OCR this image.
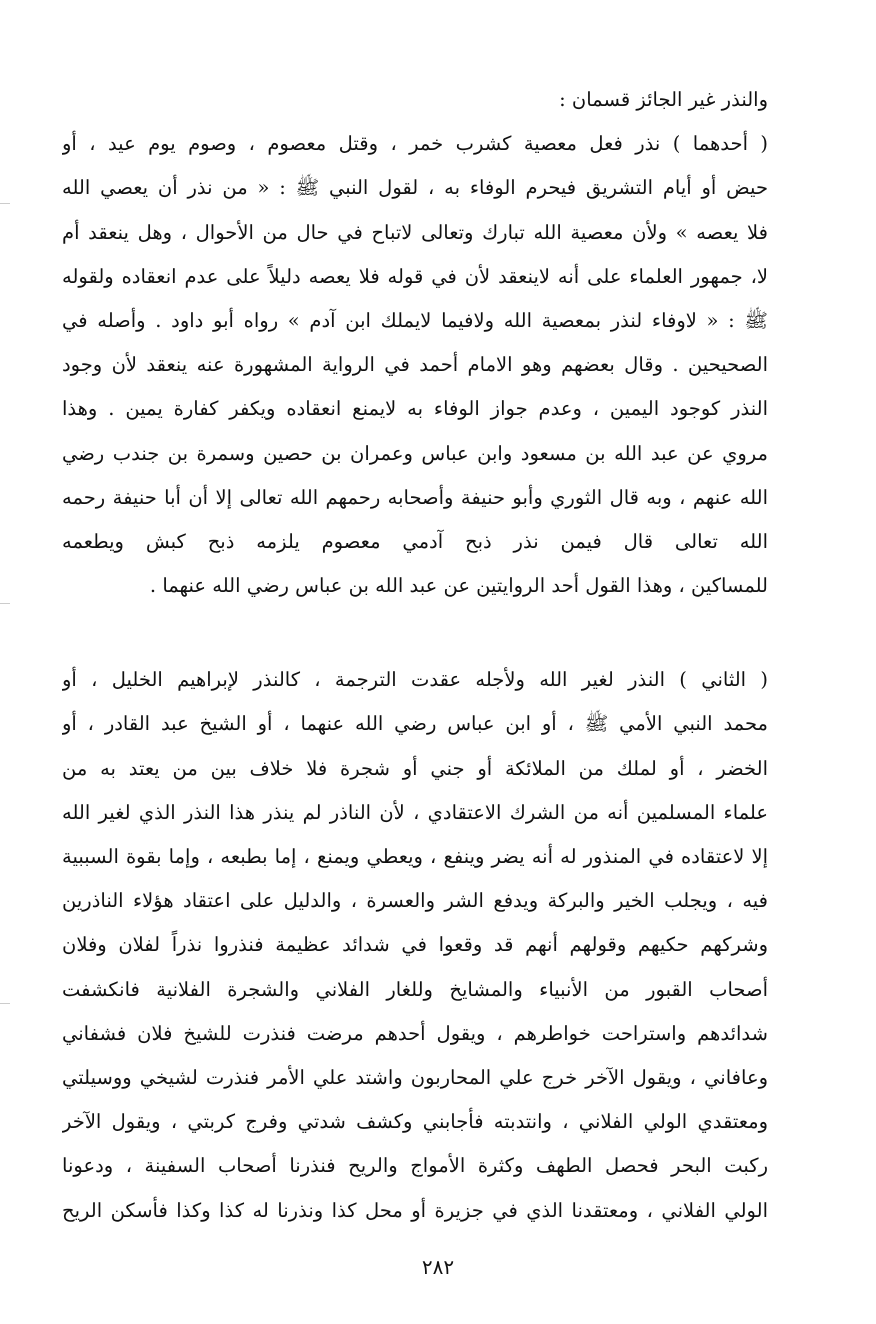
والنذر غير الجائز قسمان :
( أحدهما ) نذر فعل معصية كشرب خمر ، وقتل معصوم ، وصوم يوم عيد ، أو
حيض أو أيام التشريق فيحرم الوفاء به ، لقول النبي ﷺ : « من نذر أن يعصي الله
فلا يعصه » ولأن معصية الله تبارك وتعالى لاتباح في حال من الأحوال ، وهل ينعقد أم
لا، جمهور العلماء على أنه لاينعقد لأن في قوله فلا يعصه دليلاً على عدم انعقاده ولقوله
ﷺ : « لاوفاء لنذر بمعصية الله ولافيما لايملك ابن آدم » رواه أبو داود . وأصله في
الصحيحين . وقال بعضهم وهو الامام أحمد في الرواية المشهورة عنه ينعقد لأن وجود
النذر كوجود اليمين ، وعدم جواز الوفاء به لايمنع انعقاده ويكفر كفارة يمين . وهذا
مروي عن عبد الله بن مسعود وابن عباس وعمران بن حصين وسمرة بن جندب رضي
الله عنهم ، وبه قال الثوري وأبو حنيفة وأصحابه رحمهم الله تعالى إلا أن أبا حنيفة رحمه
الله تعالى قال فيمن نذر ذبح آدمي معصوم يلزمه ذبح كبش ويطعمه
للمساكين ، وهذا القول أحد الروايتين عن عبد الله بن عباس رضي الله عنهما .
( الثاني ) النذر لغير الله ولأجله عقدت الترجمة ، كالنذر لإبراهيم الخليل ، أو
محمد النبي الأمي ﷺ ، أو ابن عباس رضي الله عنهما ، أو الشيخ عبد القادر ، أو
الخضر ، أو لملك من الملائكة أو جني أو شجرة فلا خلاف بين من يعتد به من
علماء المسلمين أنه من الشرك الاعتقادي ، لأن الناذر لم ينذر هذا النذر الذي لغير الله
إلا لاعتقاده في المنذور له أنه يضر وينفع ، ويعطي ويمنع ، إما بطبعه ، وإما بقوة السببية
فيه ، ويجلب الخير والبركة ويدفع الشر والعسرة ، والدليل على اعتقاد هؤلاء الناذرين
وشركهم حكيهم وقولهم أنهم قد وقعوا في شدائد عظيمة فنذروا نذراً لفلان وفلان
أصحاب القبور من الأنبياء والمشايخ وللغار الفلاني والشجرة الفلانية فانكشفت
شدائدهم واستراحت خواطرهم ، ويقول أحدهم مرضت فنذرت للشيخ فلان فشفاني
وعافاني ، ويقول الآخر خرج علي المحاربون واشتد علي الأمر فنذرت لشيخي ووسيلتي
ومعتقدي الولي الفلاني ، وانتدبته فأجابني وكشف شدتي وفرج كربتي ، ويقول الآخر
ركبت البحر فحصل الطهف وكثرة الأمواج والريح فنذرنا أصحاب السفينة ، ودعونا
الولي الفلاني ، ومعتقدنا الذي في جزيرة أو محل كذا ونذرنا له كذا وكذا فأسكن الريح
٢٨٢
